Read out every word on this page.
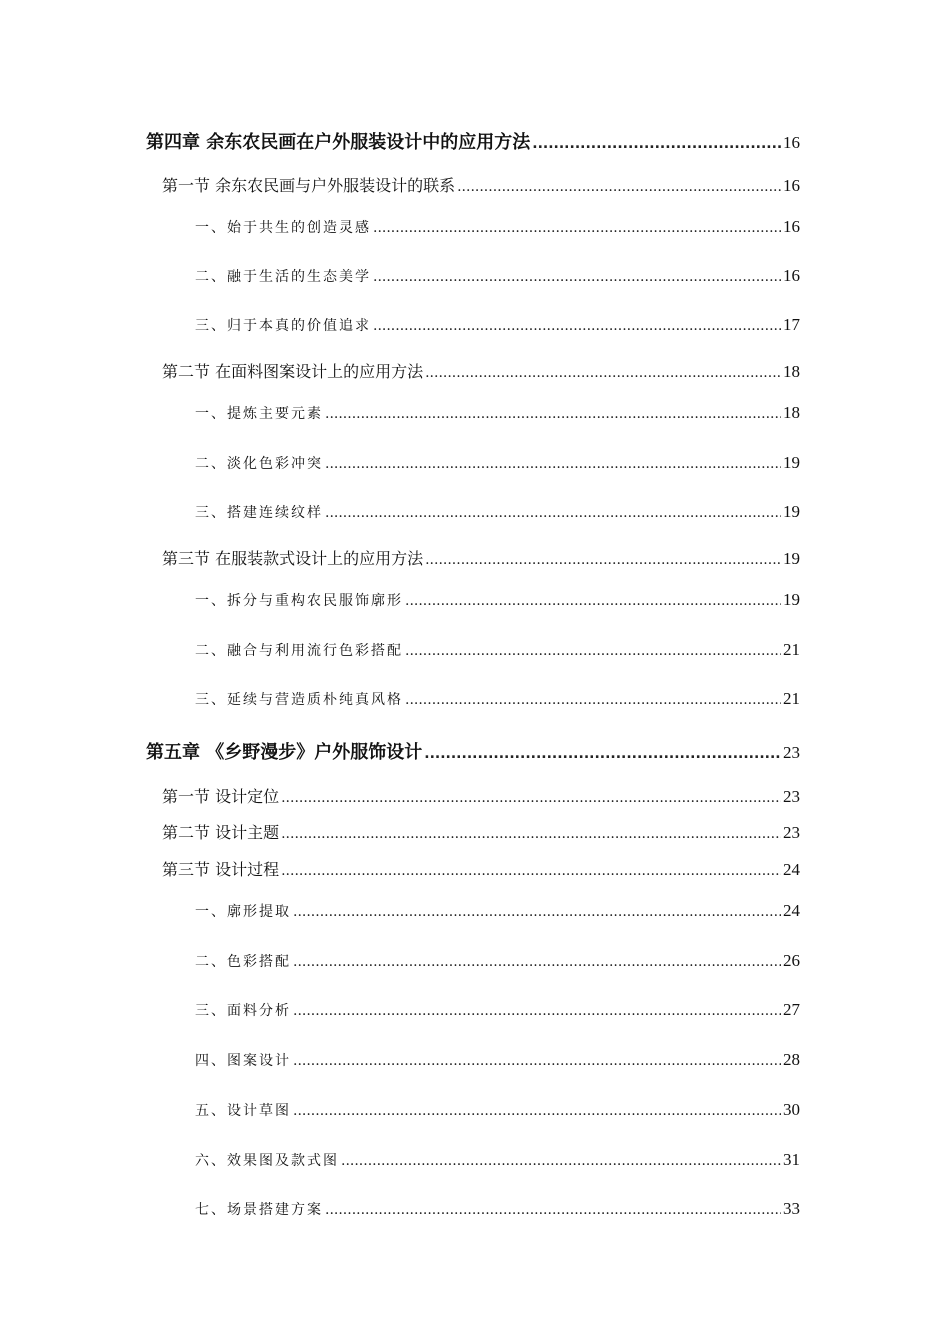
第四章 余东农民画在户外服装设计中的应用方法 .....	16
第一节 余东农民画与户外服装设计的联系 .....	16
一、始于共生的创造灵感 .....	16
二、融于生活的生态美学 .....	16
三、归于本真的价值追求 .....	17
第二节 在面料图案设计上的应用方法 .....	18
一、提炼主要元素 .....	18
二、淡化色彩冲突 .....	19
三、搭建连续纹样 .....	19
第三节 在服装款式设计上的应用方法 .....	19
一、拆分与重构农民服饰廓形 .....	19
二、融合与利用流行色彩搭配 .....	21
三、延续与营造质朴纯真风格 .....	21
第五章 《乡野漫步》户外服饰设计 .....	23
第一节 设计定位 .....	23
第二节 设计主题 .....	23
第三节 设计过程 .....	24
一、廓形提取 .....	24
二、色彩搭配 .....	26
三、面料分析 .....	27
四、图案设计 .....	28
五、设计草图 .....	30
六、效果图及款式图 .....	31
七、场景搭建方案 .....	33
